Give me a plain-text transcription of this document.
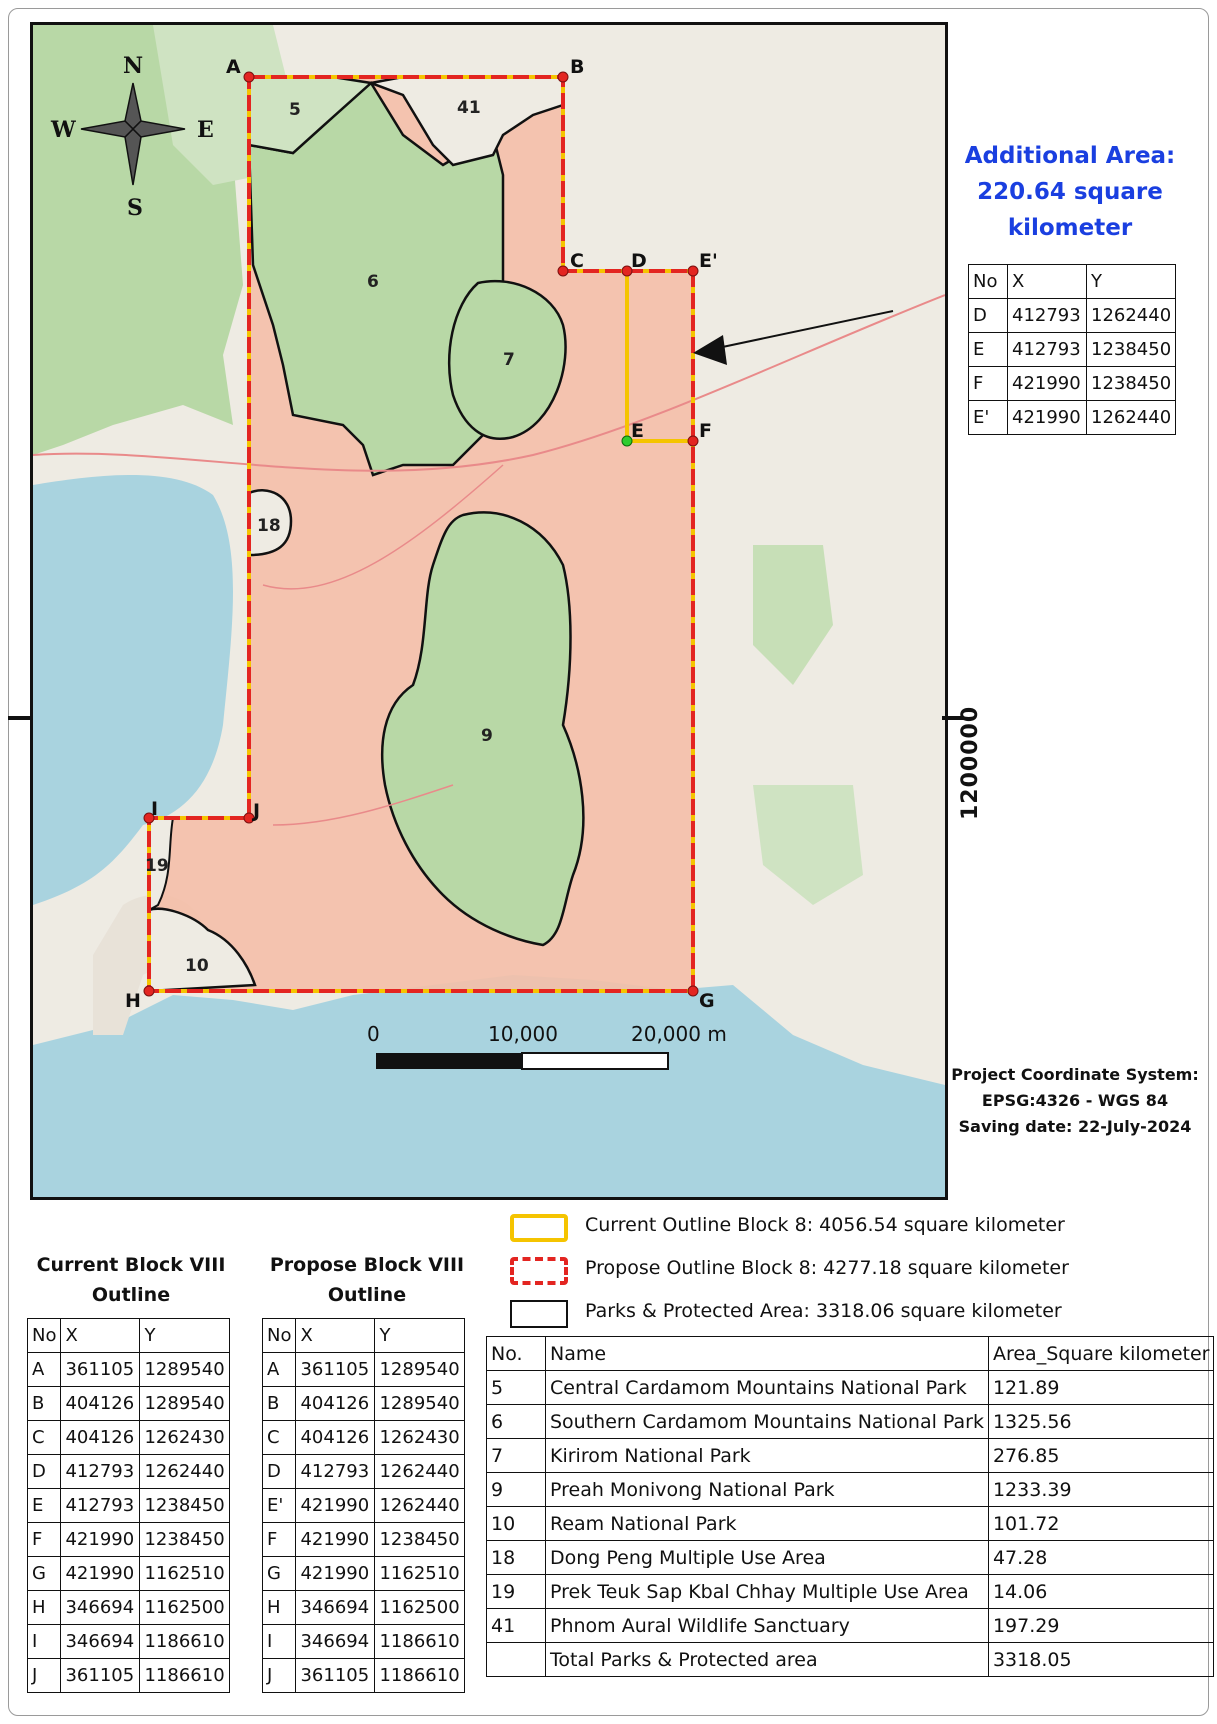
N
S
E
W
A	B
C D	E'
E	F
G
H
I	J
5	41
6
7
18
9
19
10
0	10,000	20,000 m
1200000
Additional Area:
220.64 square
kilometer
No	X	Y
D	412793	1262440
E	412793	1238450
F	421990	1238450
E'	421990	1262440
Project Coordinate System:
EPSG:4326 - WGS 84
Saving date: 22-July-2024
Current Outline Block 8: 4056.54 square kilometer
Propose Outline Block 8: 4277.18 square kilometer
Parks & Protected Area: 3318.06 square kilometer
Current Block VIII
Outline
No	X	Y
A	361105	1289540
B	404126	1289540
C	404126	1262430
D	412793	1262440
E	412793	1238450
F	421990	1238450
G	421990	1162510
H	346694	1162500
I	346694	1186610
J	361105	1186610
Propose Block VIII
Outline
No	X	Y
A	361105	1289540
B	404126	1289540
C	404126	1262430
D	412793	1262440
E'	421990	1262440
F	421990	1238450
G	421990	1162510
H	346694	1162500
I	346694	1186610
J	361105	1186610
No.	Name	Area_Square kilometer
5	Central Cardamom Mountains National Park	121.89
6	Southern Cardamom Mountains National Park	1325.56
7	Kirirom National Park	276.85
9	Preah Monivong National Park	1233.39
10	Ream National Park	101.72
18	Dong Peng Multiple Use Area	47.28
19	Prek Teuk Sap Kbal Chhay Multiple Use Area	14.06
41	Phnom Aural Wildlife Sanctuary	197.29
	Total Parks & Protected area	3318.05
